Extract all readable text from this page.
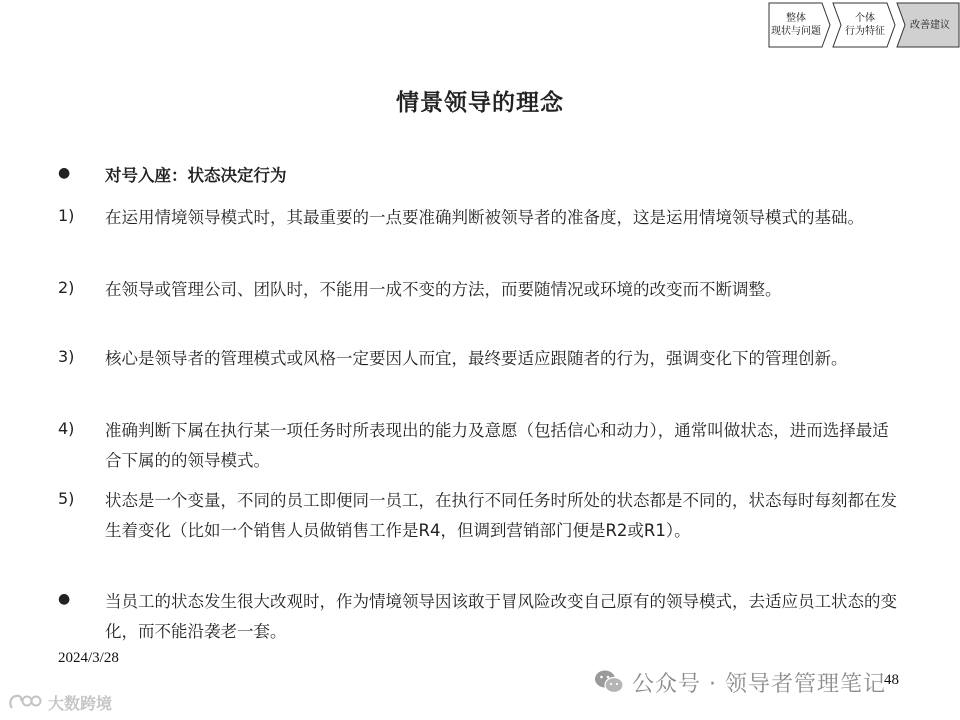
整体
现状与问题
个体
行为特征
改善建议
情景领导的理念
● 对号入座：状态决定行为
1)	在运用情境领导模式时，其最重要的一点要准确判断被领导者的准备度，这是运用情境领导模式的基础。
2)	在领导或管理公司、团队时，不能用一成不变的方法，而要随情况或环境的改变而不断调整。
3)	核心是领导者的管理模式或风格一定要因人而宜，最终要适应跟随者的行为，强调变化下的管理创新。
4)	准确判断下属在执行某一项任务时所表现出的能力及意愿（包括信心和动力），通常叫做状态，进而选择最适合下属的的领导模式。
5)	状态是一个变量，不同的员工即便同一员工，在执行不同任务时所处的状态都是不同的，状态每时每刻都在发生着变化（比如一个销售人员做销售工作是R4，但调到营销部门便是R2或R1）。
● 当员工的状态发生很大改观时，作为情境领导因该敢于冒风险改变自己原有的领导模式，去适应员工状态的变化，而不能沿袭老一套。
2024/3/28
公众号 · 领导者管理笔记
48
大数跨境
